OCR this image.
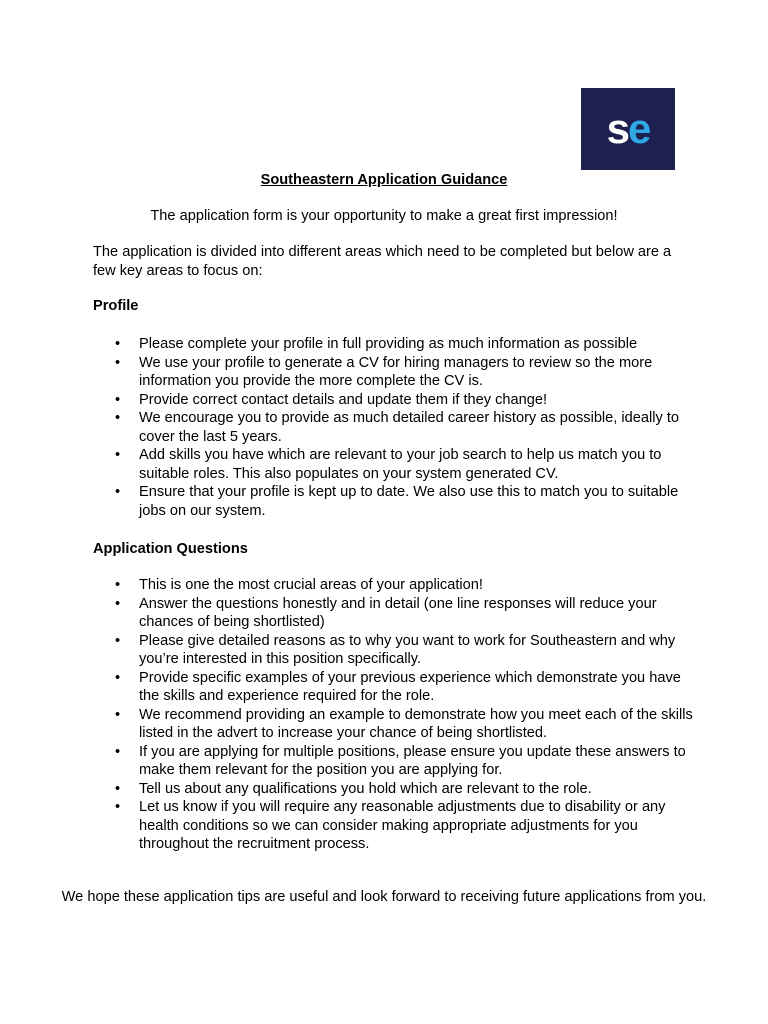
se
Southeastern Application Guidance
The application form is your opportunity to make a great first impression!
The application is divided into different areas which need to be completed but below are a few key areas to focus on:
Profile
• Please complete your profile in full providing as much information as possible
• We use your profile to generate a CV for hiring managers to review so the more information you provide the more complete the CV is.
• Provide correct contact details and update them if they change!
• We encourage you to provide as much detailed career history as possible, ideally to cover the last 5 years.
• Add skills you have which are relevant to your job search to help us match you to suitable roles. This also populates on your system generated CV.
• Ensure that your profile is kept up to date. We also use this to match you to suitable jobs on our system.
Application Questions
• This is one the most crucial areas of your application!
• Answer the questions honestly and in detail (one line responses will reduce your chances of being shortlisted)
• Please give detailed reasons as to why you want to work for Southeastern and why you’re interested in this position specifically.
• Provide specific examples of your previous experience which demonstrate you have the skills and experience required for the role.
• We recommend providing an example to demonstrate how you meet each of the skills listed in the advert to increase your chance of being shortlisted.
• If you are applying for multiple positions, please ensure you update these answers to make them relevant for the position you are applying for.
• Tell us about any qualifications you hold which are relevant to the role.
• Let us know if you will require any reasonable adjustments due to disability or any health conditions so we can consider making appropriate adjustments for you throughout the recruitment process.
We hope these application tips are useful and look forward to receiving future applications from you.
